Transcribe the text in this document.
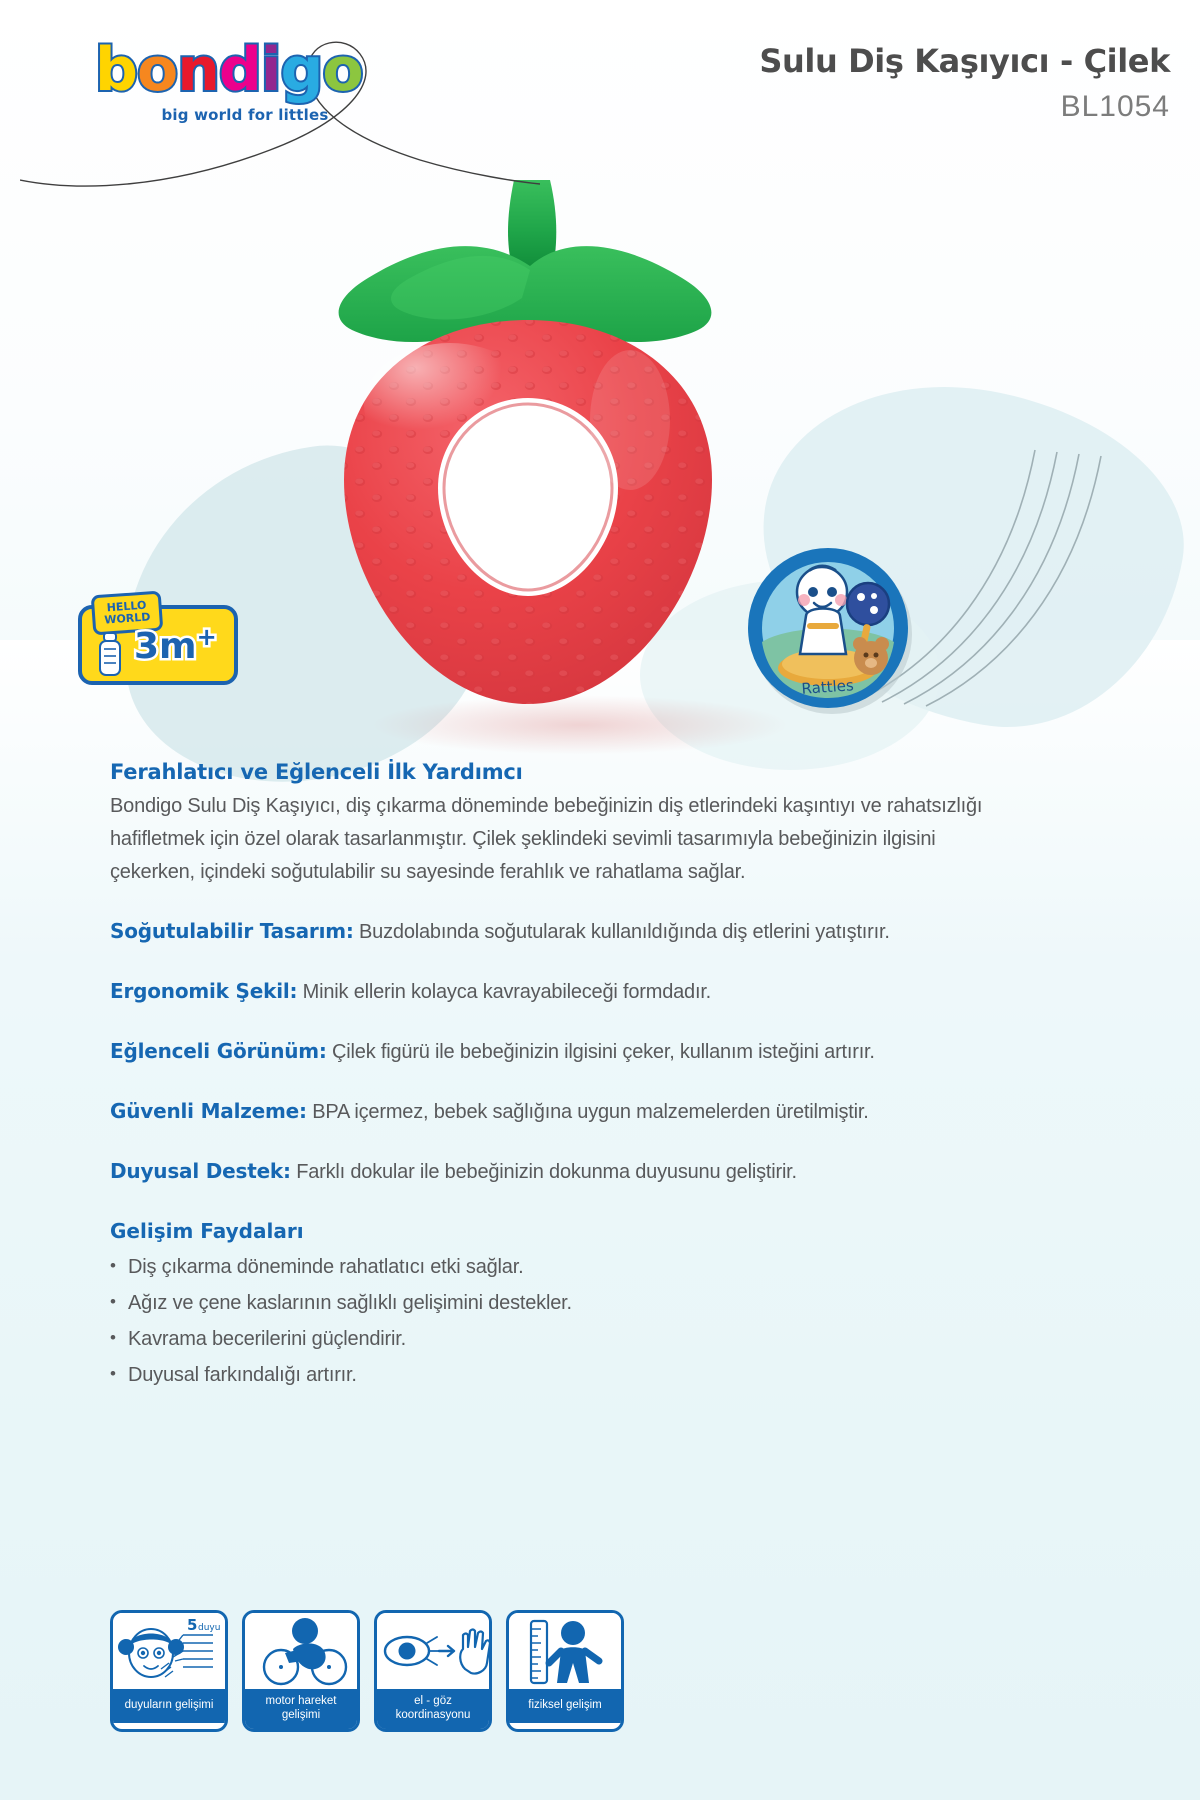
bondigo
big world for littles
Sulu Diş Kaşıyıcı - Çilek
BL1054
HELLO
WORLD
3m+
Rattles
Ferahlatıcı ve Eğlenceli İlk Yardımcı

Bondigo Sulu Diş Kaşıyıcı, diş çıkarma döneminde bebeğinizin diş etlerindeki kaşıntıyı ve rahatsızlığı hafifletmek için özel olarak tasarlanmıştır. Çilek şeklindeki sevimli tasarımıyla bebeğinizin ilgisini çekerken, içindeki soğutulabilir su sayesinde ferahlık ve rahatlama sağlar.

Soğutulabilir Tasarım: Buzdolabında soğutularak kullanıldığında diş etlerini yatıştırır.
Ergonomik Şekil: Minik ellerin kolayca kavrayabileceği formdadır.
Eğlenceli Görünüm: Çilek figürü ile bebeğinizin ilgisini çeker, kullanım isteğini artırır.
Güvenli Malzeme: BPA içermez, bebek sağlığına uygun malzemelerden üretilmiştir.
Duyusal Destek: Farklı dokular ile bebeğinizin dokunma duyusunu geliştirir.
Gelişim Faydaları
• Diş çıkarma döneminde rahatlatıcı etki sağlar.
• Ağız ve çene kaslarının sağlıklı gelişimini destekler.
• Kavrama becerilerini güçlendirir.
• Duyusal farkındalığı artırır.
5 duyu
duyuların gelişimi	motor hareket gelişimi
el - göz koordinasyonu
fiziksel gelişim
